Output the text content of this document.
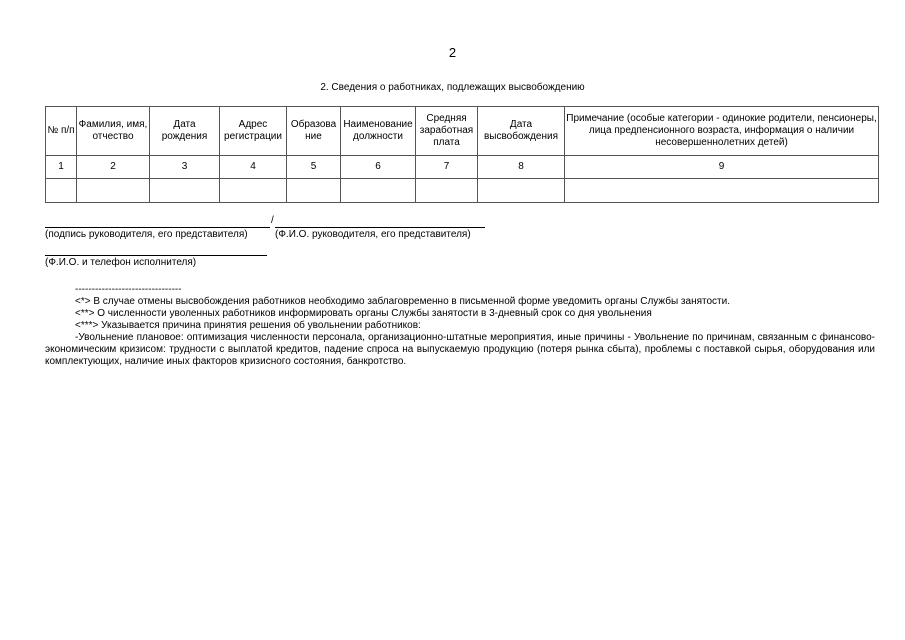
2
2. Сведения о работниках, подлежащих высвобождению
№ п/п	Фамилия, имя, отчество	Дата рождения	Адрес регистрации	Образова ние	Наименование должности	Средняя заработная плата	Дата высвобождения	Примечание (особые категории - одинокие родители, пенсионеры, лица предпенсионного возраста, информация о наличии несовершеннолетних детей)
1	2	3	4	5	6	7	8	9

/
(подпись руководителя, его представителя)	(Ф.И.О. руководителя, его представителя)
(Ф.И.О. и телефон исполнителя)

--------------------------------

<*> В случае отмены высвобождения работников необходимо заблаговременно в письменной форме уведомить органы Службы занятости.

<**> О численности уволенных работников информировать органы Службы занятости в 3-дневный срок со дня увольнения

<***> Указывается причина принятия решения об увольнении работников:

-Увольнение плановое: оптимизация численности персонала, организационно-штатные мероприятия, иные причины - Увольнение по причинам, связанным с финансово-экономическим кризисом: трудности с выплатой кредитов, падение спроса на выпускаемую продукцию (потеря рынка сбыта), проблемы с поставкой сырья, оборудования или комплектующих, наличие иных факторов кризисного состояния, банкротство.
